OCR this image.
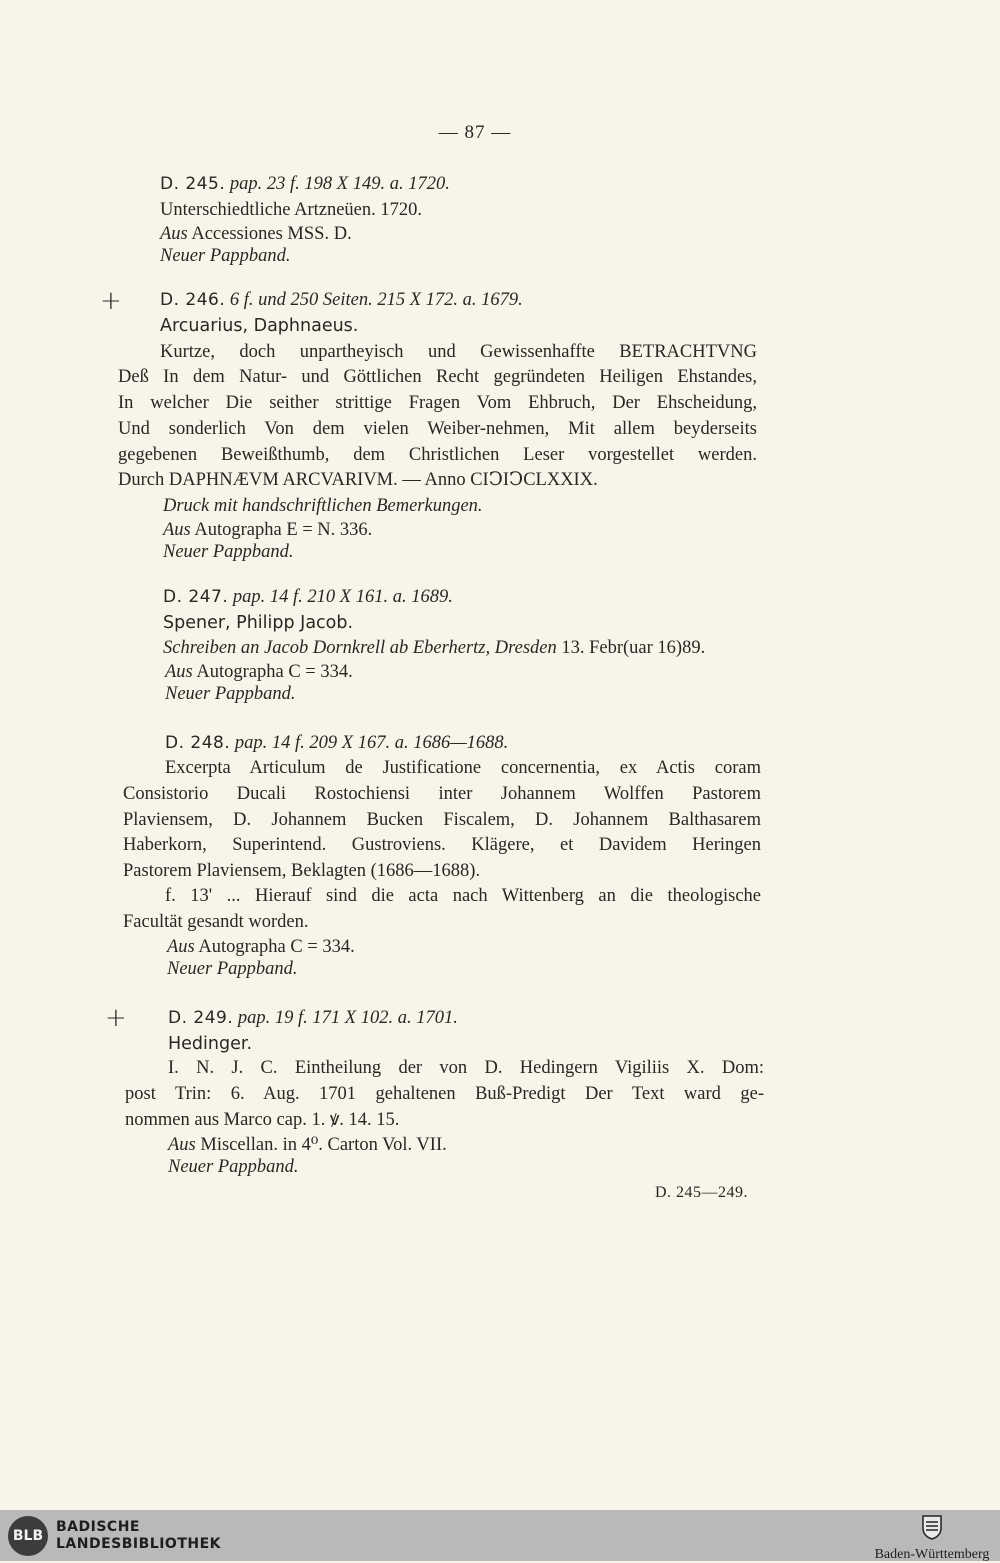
— 87 —
D. 245. pap. 23 f. 198 X 149. a. 1720.
Unterschiedtliche Artzneüen. 1720.
Aus Accessiones MSS. D.
Neuer Pappband.
+ D. 246. 6 f. und 250 Seiten. 215 X 172. a. 1679.
Arcuarius, Daphnaeus.
Kurtze, doch unpartheyisch und Gewissenhaffte BETRACHTVNG
Deß In dem Natur- und Göttlichen Recht gegründeten Heiligen Ehstandes,
In welcher Die seither strittige Fragen Vom Ehbruch, Der Ehscheidung,
Und sonderlich Von dem vielen Weiber-nehmen, Mit allem beyderseits
gegebenen Beweißthumb, dem Christlichen Leser vorgestellet werden.
Durch DAPHNÆVM ARCVARIVM. — Anno CIↃIↃCLXXIX.
Druck mit handschriftlichen Bemerkungen.
Aus Autographa E = N. 336.
Neuer Pappband.
D. 247. pap. 14 f. 210 X 161. a. 1689.
Spener, Philipp Jacob.
Schreiben an Jacob Dornkrell ab Eberhertz, Dresden 13. Febr(uar 16)89.
Aus Autographa C = 334.
Neuer Pappband.
D. 248. pap. 14 f. 209 X 167. a. 1686—1688.
Excerpta Articulum de Justificatione concernentia, ex Actis coram
Consistorio Ducali Rostochiensi inter Johannem Wolffen Pastorem
Plaviensem, D. Johannem Bucken Fiscalem, D. Johannem Balthasarem
Haberkorn, Superintend. Gustroviens. Klägere, et Davidem Heringen
Pastorem Plaviensem, Beklagten (1686—1688).
f. 13' ... Hierauf sind die acta nach Wittenberg an die theologische
Facultät gesandt worden.
Aus Autographa C = 334.
Neuer Pappband.
+ D. 249. pap. 19 f. 171 X 102. a. 1701.
Hedinger.
I. N. J. C. Eintheilung der von D. Hedingern Vigiliis X. Dom:
post Trin: 6. Aug. 1701 gehaltenen Buß-Predigt Der Text ward ge-
nommen aus Marco cap. 1. ꝟ. 14. 15.
Aus Miscellan. in 4⁰. Carton Vol. VII.
Neuer Pappband.
D. 245—249.
BLB
BADISCHE
LANDESBIBLIOTHEK
Baden-Württemberg
